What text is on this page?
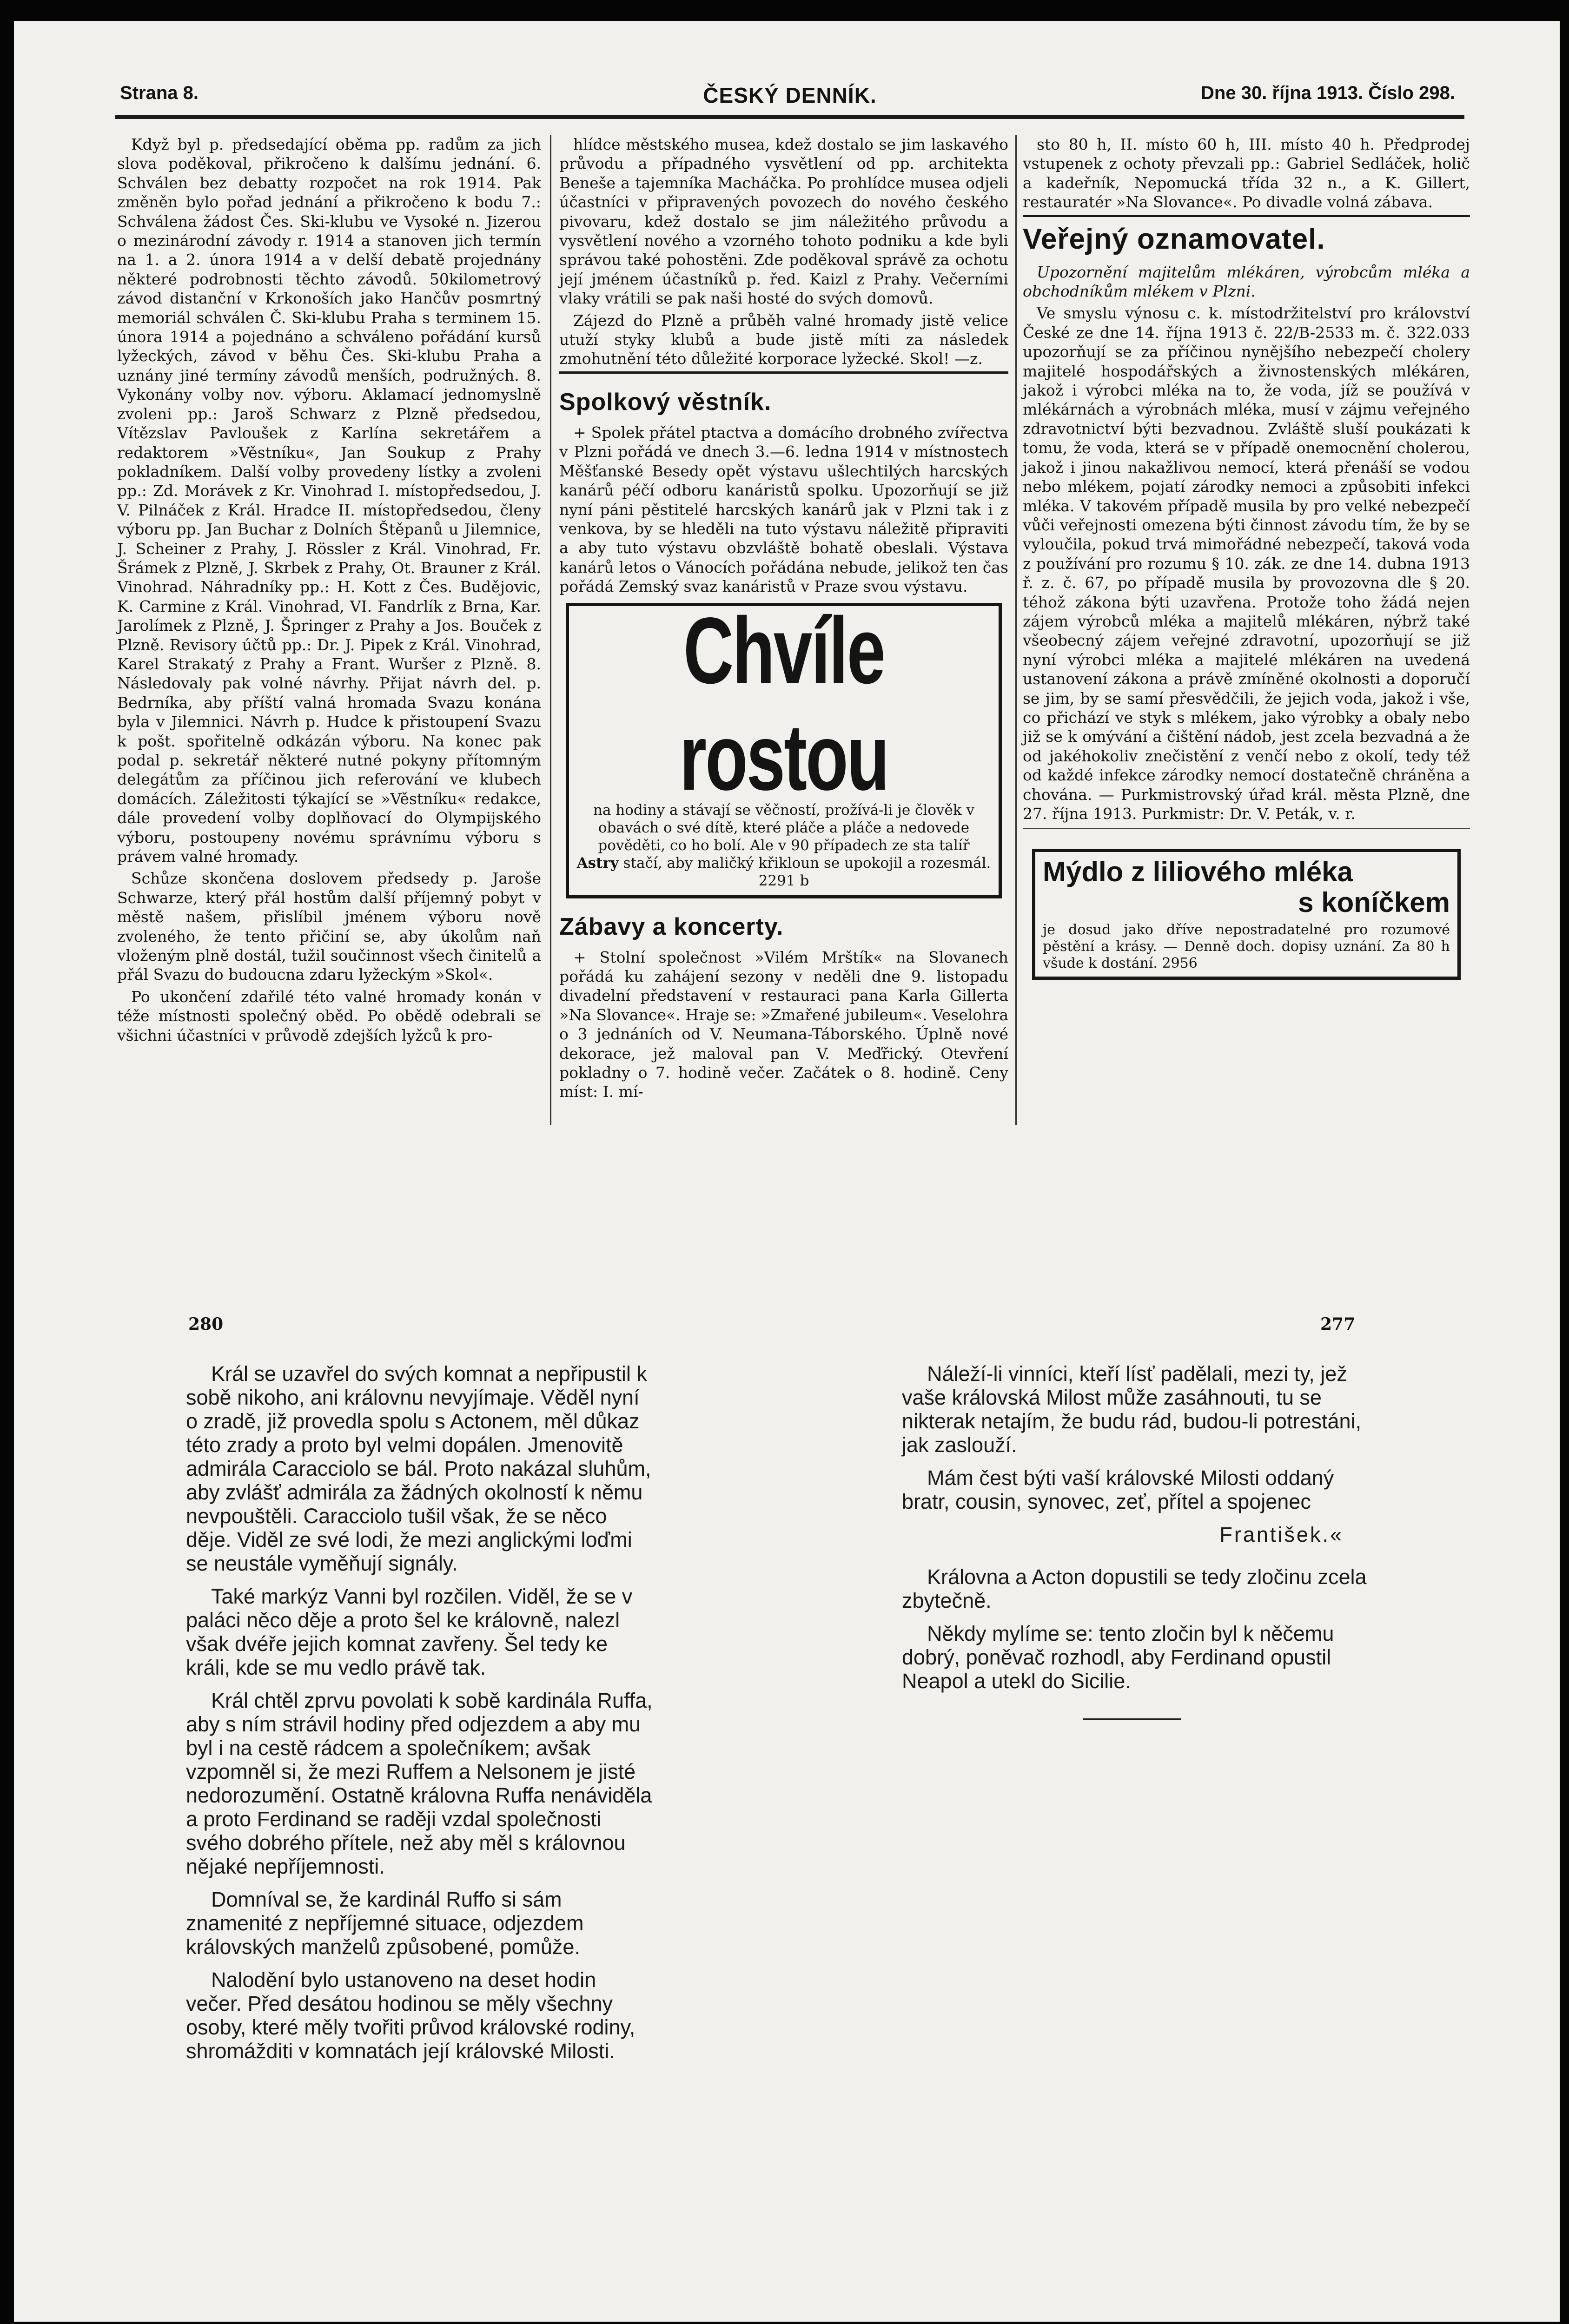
Strana 8.	ČESKÝ DENNÍK.	Dne 30. října 1913. Číslo 298.

Když byl p. předsedající oběma pp. radům za jich slova poděkoval, přikročeno k dalšímu jednání. 6. Schválen bez debatty rozpočet na rok 1914. Pak změněn bylo pořad jednání a přikročeno k bodu 7.: Schválena žádost Čes. Ski-klubu ve Vysoké n. Jizerou o mezinárodní závody r. 1914 a stanoven jich termín na 1. a 2. února 1914 a v delší debatě projednány některé podrobnosti těchto závodů. 50kilometrový závod distanční v Krkonoších jako Hančův posmrtný memoriál schválen Č. Ski-klubu Praha s terminem 15. února 1914 a pojednáno a schváleno pořádání kursů lyžeckých, závod v běhu Čes. Ski-klubu Praha a uznány jiné termíny závodů menších, podružných. 8. Vykonány volby nov. výboru. Aklamací jednomyslně zvoleni pp.: Jaroš Schwarz z Plzně předsedou, Vítězslav Pavloušek z Karlína sekretářem a redaktorem »Věstníku«, Jan Soukup z Prahy pokladníkem. Další volby provedeny lístky a zvoleni pp.: Zd. Morávek z Kr. Vinohrad I. místopředsedou, J. V. Pilnáček z Král. Hradce II. místopředsedou, členy výboru pp. Jan Buchar z Dolních Štěpanů u Jilemnice, J. Scheiner z Prahy, J. Rössler z Král. Vinohrad, Fr. Šrámek z Plzně, J. Skrbek z Prahy, Ot. Brauner z Král. Vinohrad. Náhradníky pp.: H. Kott z Čes. Budějovic, K. Carmine z Král. Vinohrad, VI. Fandrlík z Brna, Kar. Jarolímek z Plzně, J. Špringer z Prahy a Jos. Bouček z Plzně. Revisory účtů pp.: Dr. J. Pipek z Král. Vinohrad, Karel Strakatý z Prahy a Frant. Wuršer z Plzně. 8. Následovaly pak volné návrhy. Přijat návrh del. p. Bedrníka, aby příští valná hromada Svazu konána byla v Jilemnici. Návrh p. Hudce k přistoupení Svazu k pošt. spořitelně odkázán výboru. Na konec pak podal p. sekretář některé nutné pokyny přítomným delegátům za příčinou jich referování ve klubech domácích. Záležitosti týkající se »Věstníku« redakce, dále provedení volby doplňovací do Olympijského výboru, postoupeny novému správnímu výboru s právem valné hromady.

Schůze skončena doslovem předsedy p. Jaroše Schwarze, který přál hostům další příjemný pobyt v městě našem, přislíbil jménem výboru nově zvoleného, že tento přičiní se, aby úkolům naň vloženým plně dostál, tužil součinnost všech činitelů a přál Svazu do budoucna zdaru lyžeckým »Skol«.

Po ukončení zdařilé této valné hromady konán v téže místnosti společný oběd. Po obědě odebrali se všichni účastníci v průvodě zdejších lyžců k pro-

hlídce městského musea, kdež dostalo se jim laskavého průvodu a případného vysvětlení od pp. architekta Beneše a tajemníka Macháčka. Po prohlídce musea odjeli účastníci v připravených povozech do nového českého pivovaru, kdež dostalo se jim náležitého průvodu a vysvětlení nového a vzorného tohoto podniku a kde byli správou také pohostěni. Zde poděkoval správě za ochotu její jménem účastníků p. řed. Kaizl z Prahy. Večerními vlaky vrátili se pak naši hosté do svých domovů.

Zájezd do Plzně a průběh valné hromady jistě velice utuží styky klubů a bude jistě míti za následek zmohutnění této důležité korporace lyžecké. Skol! —z.

Spolkový věstník.

+ Spolek přátel ptactva a domácího drobného zvířectva v Plzni pořádá ve dnech 3.—6. ledna 1914 v místnostech Měšťanské Besedy opět výstavu ušlechtilých harcských kanárů péčí odboru kanáristů spolku. Upozorňují se již nyní páni pěstitelé harcských kanárů jak v Plzni tak i z venkova, by se hleděli na tuto výstavu náležitě připraviti a aby tuto výstavu obzvláště bohatě obeslali. Výstava kanárů letos o Vánocích pořádána nebude, jelikož ten čas pořádá Zemský svaz kanáristů v Praze svou výstavu.

Chvíle rostou
na hodiny a stávají se věčností, prožívá-li je člověk v obavách o své dítě, které pláče a pláče a nedovede pověděti, co ho bolí. Ale v 90 případech ze sta talíř Astry stačí, aby maličký křikloun se upokojil a rozesmál. 2291 b
Zábavy a koncerty.

+ Stolní společnost »Vilém Mrštík« na Slovanech pořádá ku zahájení sezony v neděli dne 9. listopadu divadelní představení v restauraci pana Karla Gillerta »Na Slovance«. Hraje se: »Zmařené jubileum«. Veselohra o 3 jednáních od V. Neumana-Táborského. Úplně nové dekorace, jež maloval pan V. Meďřický. Otevření pokladny o 7. hodině večer. Začátek o 8. hodině. Ceny míst: I. mí-

sto 80 h, II. místo 60 h, III. místo 40 h. Předprodej vstupenek z ochoty převzali pp.: Gabriel Sedláček, holič a kadeřník, Nepomucká třída 32 n., a K. Gillert, restauratér »Na Slovance«. Po divadle volná zábava.

Veřejný oznamovatel.

Upozornění majitelům mlékáren, výrobcům mléka a obchodníkům mlékem v Plzni.

Ve smyslu výnosu c. k. místodržitelství pro království České ze dne 14. října 1913 č. 22/B-2533 m. č. 322.033 upozorňují se za příčinou nynějšího nebezpečí cholery majitelé hospodářských a živnostenských mlékáren, jakož i výrobci mléka na to, že voda, jíž se používá v mlékárnách a výrobnách mléka, musí v zájmu veřejného zdravotnictví býti bezvadnou. Zvláště sluší poukázati k tomu, že voda, která se v případě onemocnění cholerou, jakož i jinou nakažlivou nemocí, která přenáší se vodou nebo mlékem, pojatí zárodky nemoci a způsobiti infekci mléka. V takovém případě musila by pro velké nebezpečí vůči veřejnosti omezena býti činnost závodu tím, že by se vyloučila, pokud trvá mimořádné nebezpečí, taková voda z používání pro rozumu § 10. zák. ze dne 14. dubna 1913 ř. z. č. 67, po případě musila by provozovna dle § 20. téhož zákona býti uzavřena. Protože toho žádá nejen zájem výrobců mléka a majitelů mlékáren, nýbrž také všeobecný zájem veřejné zdravotní, upozorňují se již nyní výrobci mléka a majitelé mlékáren na uvedená ustanovení zákona a právě zmíněné okolnosti a doporučí se jim, by se samí přesvědčili, že jejich voda, jakož i vše, co přichází ve styk s mlékem, jako výrobky a obaly nebo již se k omývání a čištění nádob, jest zcela bezvadná a že od jakéhokoliv znečistění z venčí nebo z okolí, tedy též od každé infekce zárodky nemocí dostatečně chráněna a chována. — Purkmistrovský úřad král. města Plzně, dne 27. října 1913. Purkmistr: Dr. V. Peták, v. r.

Mýdlo z liliového mléka
s koníčkem
je dosud jako dříve nepostradatelné pro rozumové pěstění a krásy. — Denně doch. dopisy uznání. Za 80 h všude k dostání. 2956
280	277

Král se uzavřel do svých komnat a nepřipustil k sobě nikoho, ani královnu nevyjímaje. Věděl nyní o zradě, již provedla spolu s Actonem, měl důkaz této zrady a proto byl velmi dopálen. Jmenovitě admirála Caracciolo se bál. Proto nakázal sluhům, aby zvlášť admirála za žádných okolností k němu nevpouštěli. Caracciolo tušil však, že se něco děje. Viděl ze své lodi, že mezi anglickými loďmi se neustále vyměňují signály.

Také markýz Vanni byl rozčilen. Viděl, že se v paláci něco děje a proto šel ke královně, nalezl však dvéře jejich komnat zavřeny. Šel tedy ke králi, kde se mu vedlo právě tak.

Král chtěl zprvu povolati k sobě kardinála Ruffa, aby s ním strávil hodiny před odjezdem a aby mu byl i na cestě rádcem a společníkem; avšak vzpomněl si, že mezi Ruffem a Nelsonem je jisté nedorozumění. Ostatně královna Ruffa nenáviděla a proto Ferdinand se raději vzdal společnosti svého dobrého přítele, než aby měl s královnou nějaké nepříjemnosti.

Domníval se, že kardinál Ruffo si sám znamenité z nepříjemné situace, odjezdem královských manželů způsobené, pomůže.

Nalodění bylo ustanoveno na deset hodin večer. Před desátou hodinou se měly všechny osoby, které měly tvořiti průvod královské rodiny, shromážditi v komnatách její královské Milosti.

Náleží-li vinníci, kteří lísť padělali, mezi ty, jež vaše královská Milost může zasáhnouti, tu se nikterak netajím, že budu rád, budou-li potrestáni, jak zaslouží.

Mám čest býti vaší královské Milosti oddaný bratr, cousin, synovec, zeť, přítel a spojenec

František.«

Královna a Acton dopustili se tedy zločinu zcela zbytečně.

Někdy mylíme se: tento zločin byl k něčemu dobrý, poněvač rozhodl, aby Ferdinand opustil Neapol a utekl do Sicilie.
